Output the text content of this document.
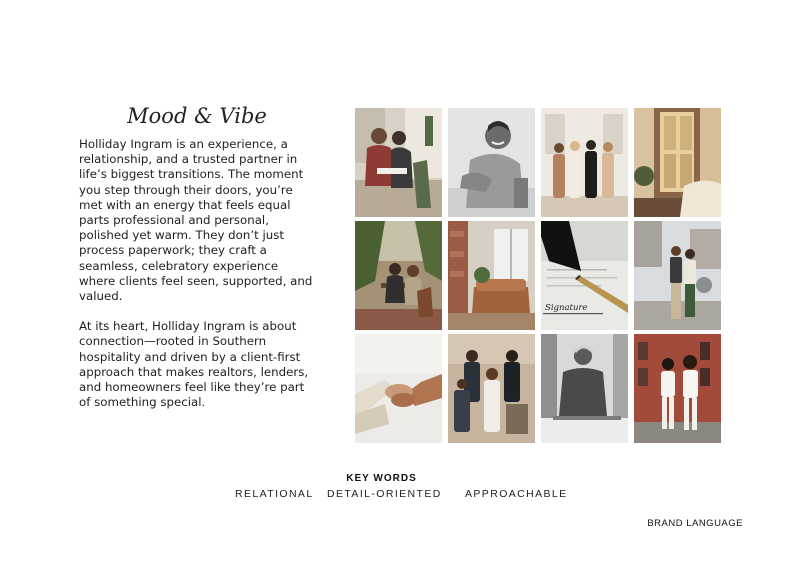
Mood & Vibe

Holliday Ingram is an experience, a relationship, and a trusted partner in life’s biggest transitions. The moment you step through their doors, you’re met with an energy that feels equal parts professional and personal, polished yet warm. They don’t just process paperwork; they craft a seamless, celebratory experience where clients feel seen, supported, and valued.

At its heart, Holliday Ingram is about connection—rooted in Southern hospitality and driven by a client-first approach that makes realtors, lenders, and homeowners feel like they’re part of something special.

Signature
KEY WORDS
RELATIONAL DETAIL-ORIENTED APPROACHABLE
BRAND LANGUAGE
